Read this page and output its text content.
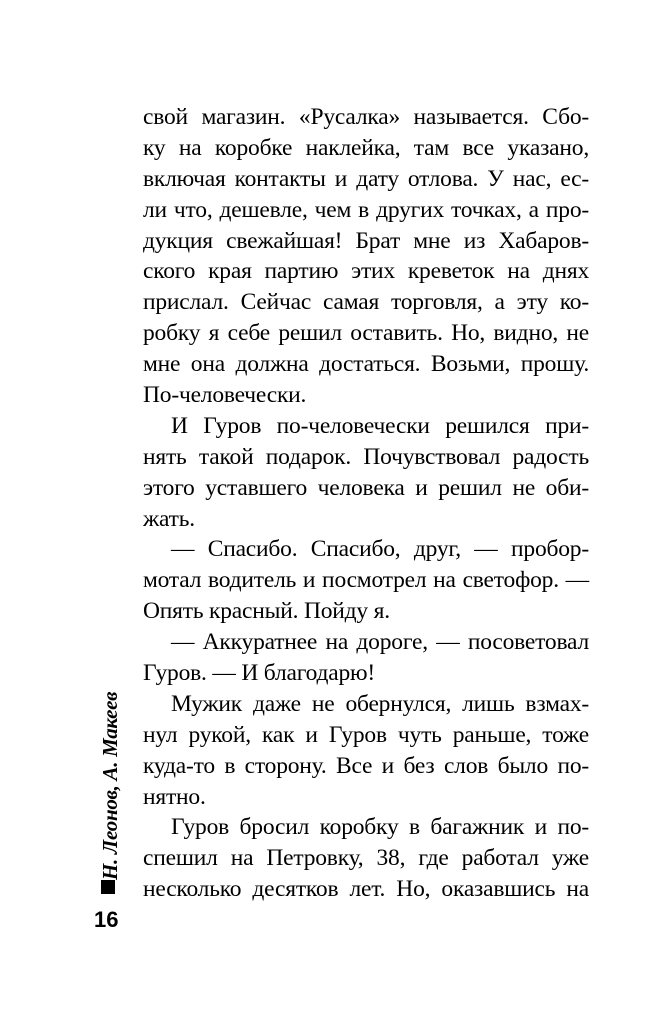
Н. Леонов, А. Макеев
16
свой магазин. «Русалка» называется. Сбо-
ку на коробке наклейка, там все указано,
включая контакты и дату отлова. У нас, ес-
ли что, дешевле, чем в других точках, а про-
дукция свежайшая! Брат мне из Хабаров-
ского края партию этих креветок на днях
прислал. Сейчас самая торговля, а эту ко-
робку я себе решил оставить. Но, видно, не
мне она должна достаться. Возьми, прошу.
По-человечески.
И Гуров по-человечески решился при-
нять такой подарок. Почувствовал радость
этого уставшего человека и решил не оби-
жать.
— Спасибо. Спасибо, друг, — пробор-
мотал водитель и посмотрел на светофор. —
Опять красный. Пойду я.
— Аккуратнее на дороге, — посоветовал
Гуров. — И благодарю!
Мужик даже не обернулся, лишь взмах-
нул рукой, как и Гуров чуть раньше, тоже
куда-то в сторону. Все и без слов было по-
нятно.
Гуров бросил коробку в багажник и по-
спешил на Петровку, 38, где работал уже
несколько десятков лет. Но, оказавшись на
